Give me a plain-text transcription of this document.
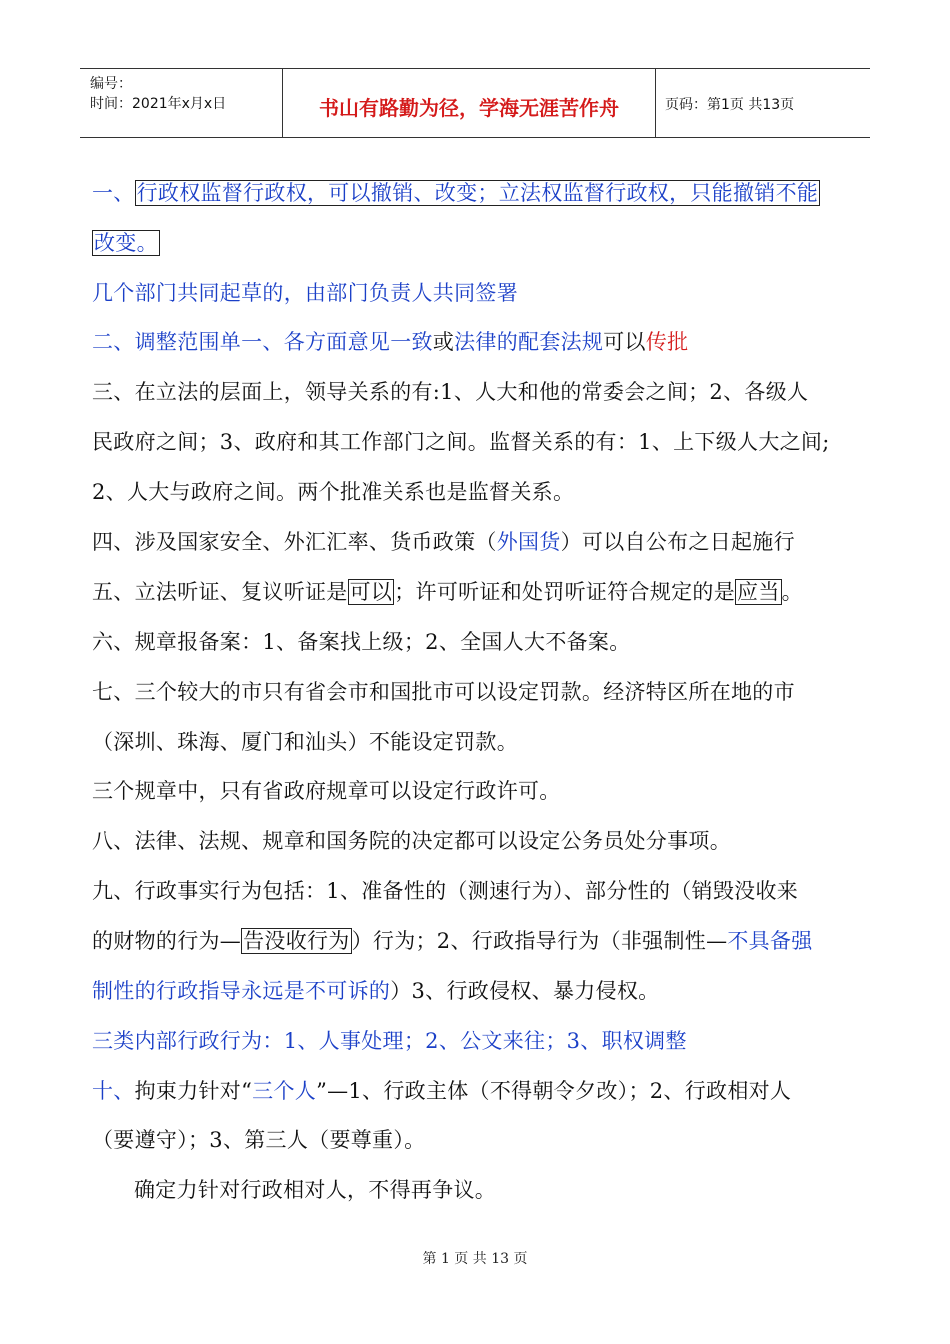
编号：
时间：2021年x月x日	书山有路勤为径，学海无涯苦作舟	页码：第1页 共13页
一、行政权监督行政权，可以撤销、改变；立法权监督行政权，只能撤销不能
改变。
几个部门共同起草的，由部门负责人共同签署
二、调整范围单一、各方面意见一致或法律的配套法规可以传批
三、在立法的层面上，领导关系的有:1、人大和他的常委会之间；2、各级人
民政府之间；3、政府和其工作部门之间。监督关系的有：1、上下级人大之间;
2、人大与政府之间。两个批准关系也是监督关系。
四、涉及国家安全、外汇汇率、货币政策（外国货）可以自公布之日起施行
五、立法听证、复议听证是可以；许可听证和处罚听证符合规定的是应当。
六、规章报备案：1、备案找上级；2、全国人大不备案。
七、三个较大的市只有省会市和国批市可以设定罚款。经济特区所在地的市
（深圳、珠海、厦门和汕头）不能设定罚款。
三个规章中，只有省政府规章可以设定行政许可。
八、法律、法规、规章和国务院的决定都可以设定公务员处分事项。
九、行政事实行为包括：1、准备性的（测速行为）、部分性的（销毁没收来
的财物的行为—告没收行为）行为；2、行政指导行为（非强制性—不具备强
制性的行政指导永远是不可诉的）3、行政侵权、暴力侵权。
三类内部行政行为：1、人事处理；2、公文来往；3、职权调整
十、拘束力针对“三个人”—1、行政主体（不得朝令夕改）；2、行政相对人
（要遵守）；3、第三人（要尊重）。
确定力针对行政相对人，不得再争议。
第 1 页 共 13 页
